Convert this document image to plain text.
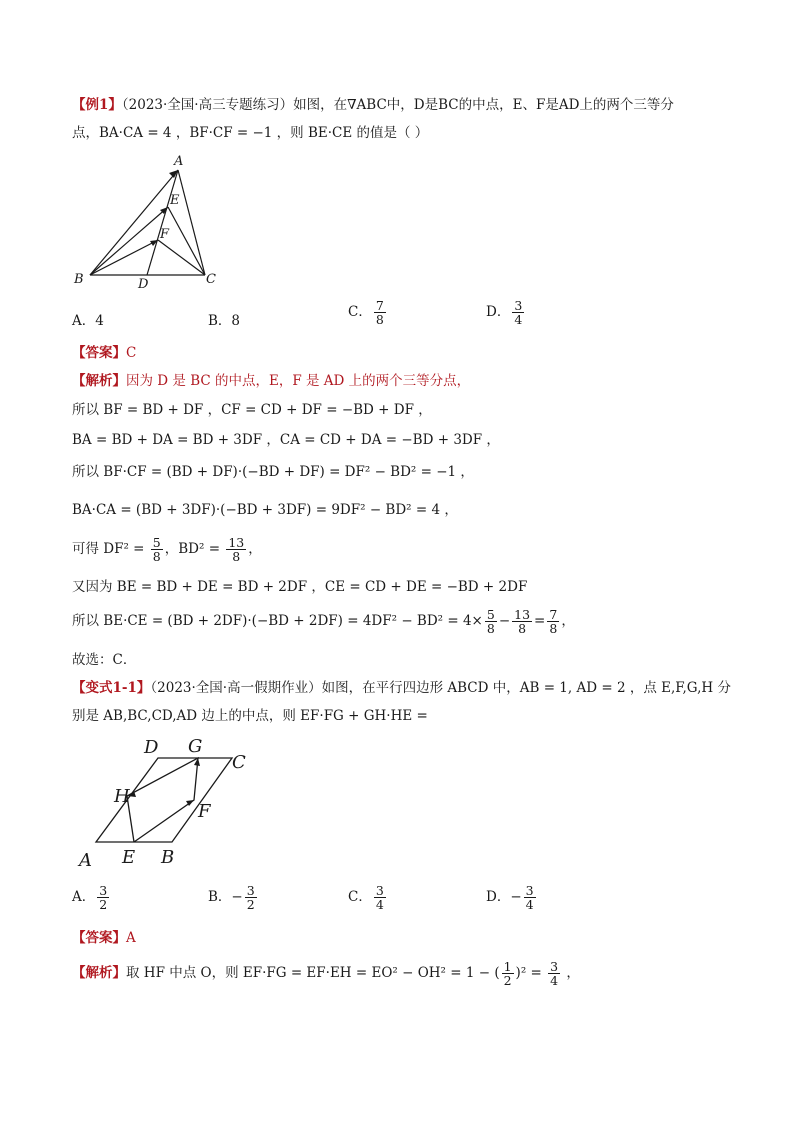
【例1】（2023·全国·高三专题练习）如图，在∇ABC中，D是BC的中点，E、F是AD上的两个三等分
点，BA·CA = 4 ，BF·CF = −1 ，则 BE·CE 的值是（ ）
A
E
F
B	D	C
A．4	B．8
C． $\frac{7}{8}$	D． $\frac{3}{4}$
【答案】C
【解析】因为 D 是 BC 的中点，E，F 是 AD 上的两个三等分点，
所以 BF = BD + DF ，CF = CD + DF = −BD + DF ，
BA = BD + DA = BD + 3DF ，CA = CD + DA = −BD + 3DF ，
所以 BF·CF = (BD + DF)·(−BD + DF) = DF² − BD² = −1 ，
BA·CA = (BD + 3DF)·(−BD + 3DF) = 9DF² − BD² = 4 ，
可得 $DF^2 = \frac{5}{8}$ ，$BD^2 = \frac{13}{8}$ ，
又因为 BE = BD + DE = BD + 2DF ，CE = CD + DE = −BD + 2DF
所以 $BE\cdot CE = (BD + 2DF)\cdot(-BD + 2DF) = 4DF^2 - BD^2 = 4\times \frac{5}{8} - \frac{13}{8} = \frac{7}{8}$ ，
故选：C．
【变式1-1】（2023·全国·高一假期作业）如图，在平行四边形 ABCD 中，AB = 1, AD = 2 ，点 E,F,G,H 分
别是 AB,BC,CD,AD 边上的中点，则 EF·FG + GH·HE =
D G
C
H
F
A E B
A． $\frac{3}{2}$	B．− $\frac{3}{2}$	C． $\frac{3}{4}$	D．− $\frac{3}{4}$
【答案】A
【解析】取 HF 中点 O，则 EF·FG = EF·EH = EO² − OH² = 1 − ( $\frac{1}{2} )^2 = \frac{3}{4}$ ，
